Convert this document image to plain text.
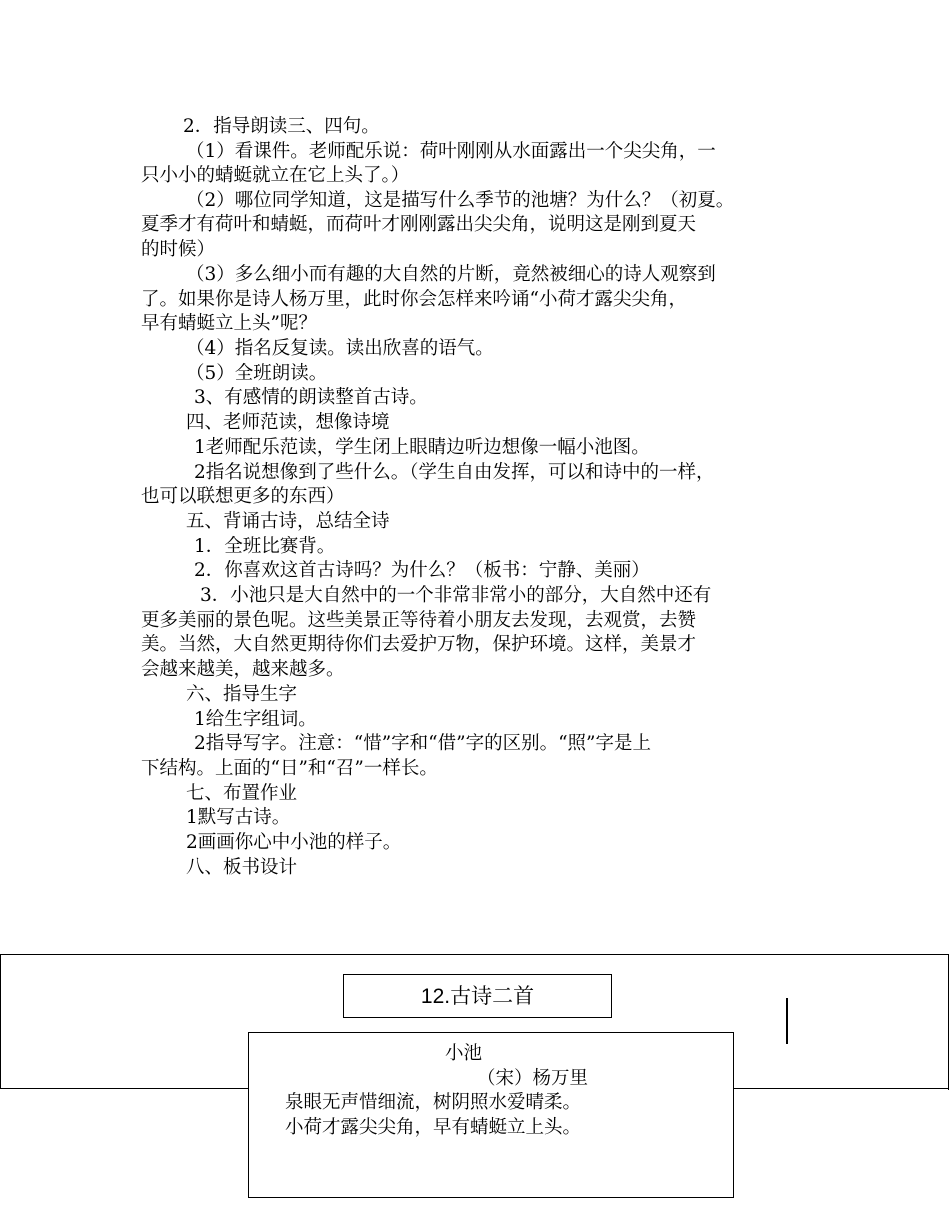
2．指导朗读三、四句。
（1）看课件。老师配乐说：荷叶刚刚从水面露出一个尖尖角，一
只小小的蜻蜓就立在它上头了。）
（2）哪位同学知道，这是描写什么季节的池塘？为什么？（初夏。
夏季才有荷叶和蜻蜓，而荷叶才刚刚露出尖尖角，说明这是刚到夏天
的时候）
（3）多么细小而有趣的大自然的片断，竟然被细心的诗人观察到
了。如果你是诗人杨万里，此时你会怎样来吟诵“小荷才露尖尖角，
早有蜻蜓立上头”呢？
（4）指名反复读。读出欣喜的语气。
（5）全班朗读。
3、有感情的朗读整首古诗。
四、老师范读，想像诗境
1老师配乐范读，学生闭上眼睛边听边想像一幅小池图。
2指名说想像到了些什么。（学生自由发挥，可以和诗中的一样，
也可以联想更多的东西）
五、背诵古诗，总结全诗
1．全班比赛背。
2．你喜欢这首古诗吗？为什么？（板书：宁静、美丽）
3．小池只是大自然中的一个非常非常小的部分，大自然中还有
更多美丽的景色呢。这些美景正等待着小朋友去发现，去观赏，去赞
美。当然，大自然更期待你们去爱护万物，保护环境。这样，美景才
会越来越美，越来越多。
六、指导生字
1给生字组词。
2指导写字。注意：“惜”字和“借”字的区别。“照”字是上
下结构。上面的“日”和“召”一样长。
七、布置作业
1默写古诗。
2画画你心中小池的样子。
八、板书设计
12.古诗二首
小池
（宋）杨万里
泉眼无声惜细流，树阴照水爱晴柔。
小荷才露尖尖角，早有蜻蜓立上头。
